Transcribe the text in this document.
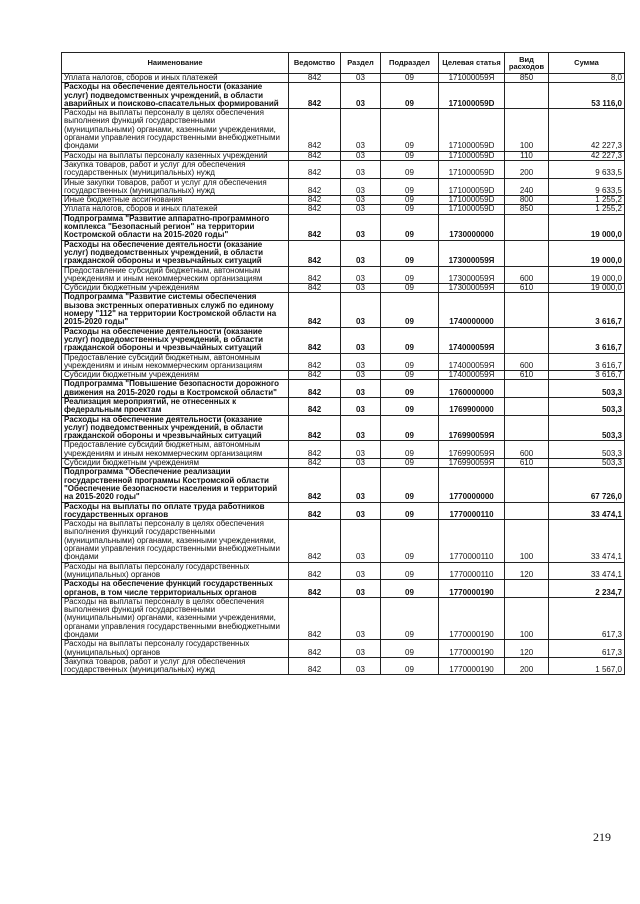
Наименование	Ведомство	Раздел	Подраздел	Целевая статья	Вид расходов	Сумма
Уплата налогов, сборов и иных платежей	842	03	09	171000059Я	850	8,0
Расходы на обеспечение деятельности (оказание услуг) подведомственных учреждений, в области аварийных и поисково-спасательных формирований	842	03	09	171000059D		53 116,0
Расходы на выплаты персоналу в целях обеспечения выполнения функций государственными (муниципальными) органами, казенными учреждениями, органами управления государственными внебюджетными фондами	842	03	09	171000059D	100	42 227,3
Расходы на выплаты персоналу казенных учреждений	842	03	09	171000059D	110	42 227,3
Закупка товаров, работ и услуг для обеспечения государственных (муниципальных) нужд	842	03	09	171000059D	200	9 633,5
Иные закупки товаров, работ и услуг для обеспечения государственных (муниципальных) нужд	842	03	09	171000059D	240	9 633,5
Иные бюджетные ассигнования	842	03	09	171000059D	800	1 255,2
Уплата налогов, сборов и иных платежей	842	03	09	171000059D	850	1 255,2
Подпрограмма "Развитие аппаратно-программного комплекса "Безопасный регион" на территории Костромской области на 2015-2020 годы"	842	03	09	1730000000		19 000,0
Расходы на обеспечение деятельности (оказание услуг) подведомственных учреждений, в области гражданской обороны и чрезвычайных ситуаций	842	03	09	173000059Я		19 000,0
Предоставление субсидий бюджетным, автономным учреждениям и иным некоммерческим организациям	842	03	09	173000059Я	600	19 000,0
Субсидии бюджетным учреждениям	842	03	09	173000059Я	610	19 000,0
Подпрограмма "Развитие системы обеспечения вызова экстренных оперативных служб по единому номеру "112" на территории Костромской области на 2015-2020 годы"	842	03	09	1740000000		3 616,7
Расходы на обеспечение деятельности (оказание услуг) подведомственных учреждений, в области гражданской обороны и чрезвычайных ситуаций	842	03	09	174000059Я		3 616,7
Предоставление субсидий бюджетным, автономным учреждениям и иным некоммерческим организациям	842	03	09	174000059Я	600	3 616,7
Субсидии бюджетным учреждениям	842	03	09	174000059Я	610	3 616,7
Подпрограмма "Повышение безопасности дорожного движения на 2015-2020 годы в Костромской области"	842	03	09	1760000000		503,3
Реализация мероприятий, не отнесенных к федеральным проектам	842	03	09	1769900000		503,3
Расходы на обеспечение деятельности (оказание услуг) подведомственных учреждений, в области гражданской обороны и чрезвычайных ситуаций	842	03	09	176990059Я		503,3
Предоставление субсидий бюджетным, автономным учреждениям и иным некоммерческим организациям	842	03	09	176990059Я	600	503,3
Субсидии бюджетным учреждениям	842	03	09	176990059Я	610	503,3
Подпрограмма "Обеспечение реализации государственной программы Костромской области "Обеспечение безопасности населения и территорий на 2015-2020 годы"	842	03	09	1770000000		67 726,0
Расходы на выплаты по оплате труда работников государственных органов	842	03	09	1770000110		33 474,1
Расходы на выплаты персоналу в целях обеспечения выполнения функций государственными (муниципальными) органами, казенными учреждениями, органами управления государственными внебюджетными фондами	842	03	09	1770000110	100	33 474,1
Расходы на выплаты персоналу государственных (муниципальных) органов	842	03	09	1770000110	120	33 474,1
Расходы на обеспечение функций государственных органов, в том числе территориальных органов	842	03	09	1770000190		2 234,7
Расходы на выплаты персоналу в целях обеспечения выполнения функций государственными (муниципальными) органами, казенными учреждениями, органами управления государственными внебюджетными фондами	842	03	09	1770000190	100	617,3
Расходы на выплаты персоналу государственных (муниципальных) органов	842	03	09	1770000190	120	617,3
Закупка товаров, работ и услуг для обеспечения государственных (муниципальных) нужд	842	03	09	1770000190	200	1 567,0
219
